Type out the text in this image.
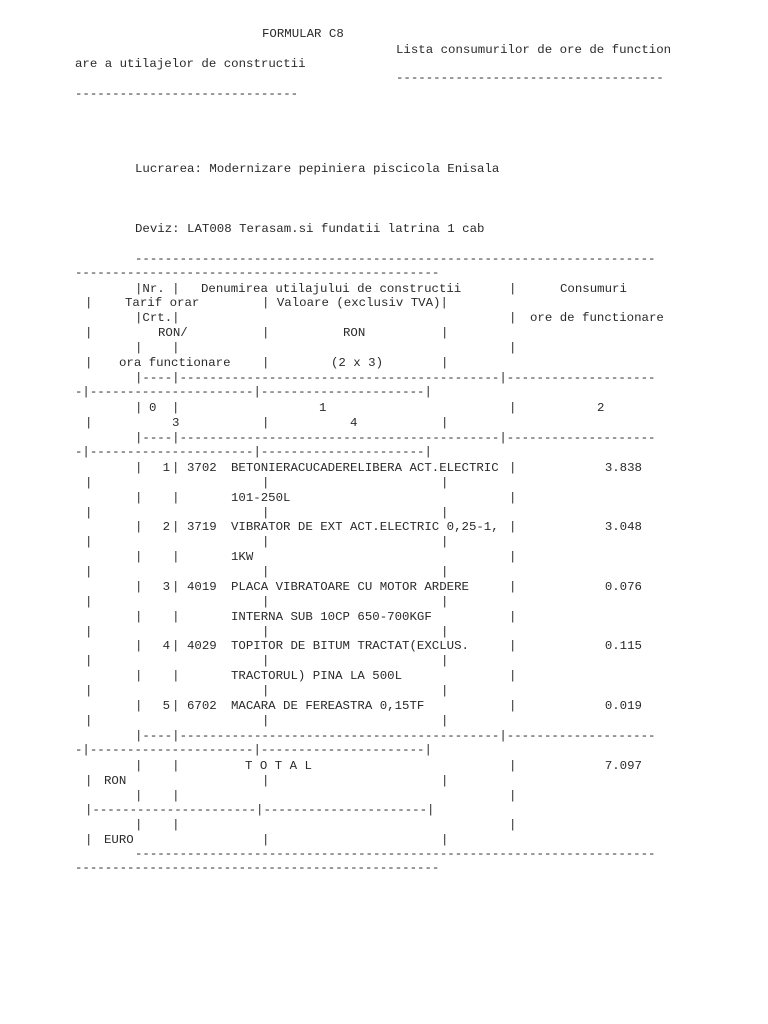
FORMULAR C8
Lista consumurilor de ore de function
are a utilajelor de constructii
------------------------------------
------------------------------
Lucrarea: Modernizare pepiniera piscicola Enisala
Deviz: LAT008 Terasam.si fundatii latrina 1 cab
----------------------------------------------------------------------
-------------------------------------------------
|Nr. | Denumirea utilajului de constructii	|	Consumuri
|	Tarif orar	| Valoare (exclusiv TVA)|
|Crt.|	| ore de functionare
|	RON/	|	RON	|
|    |	|
| ora functionare	|	(2 x 3)	|
|----|-------------------------------------------|--------------------
-|----------------------|----------------------|
| 0 |	1	|	2
|	3	|	4	|
|----|-------------------------------------------|--------------------
-|----------------------|----------------------|
|	1 | 3702 BETONIERACUCADERELIBERA ACT.ELECTRIC |	3.838
|	|	|
|    |	101-250L	|
|	|	|
|	2 | 3719 VIBRATOR DE EXT ACT.ELECTRIC 0,25-1, |	3.048
|	|	|
|    |	1KW	|
|	|	|
|	3 | 4019 PLACA VIBRATOARE CU MOTOR ARDERE	|	0.076
|	|	|
|    |	INTERNA SUB 10CP 650-700KGF	|
|	|	|
|	4 | 4029 TOPITOR DE BITUM TRACTAT(EXCLUS.	|	0.115
|	|	|
|    |	TRACTORUL) PINA LA 500L	|
|	|	|
|	5 | 6702 MACARA DE FEREASTRA 0,15TF	|	0.019
|	|	|
|----|-------------------------------------------|--------------------
-|----------------------|----------------------|
|    |	T O T A L	|	7.097
| RON	|	|
|    |	|
|----------------------|----------------------|
|    |	|
| EURO	|	|
----------------------------------------------------------------------
-------------------------------------------------
